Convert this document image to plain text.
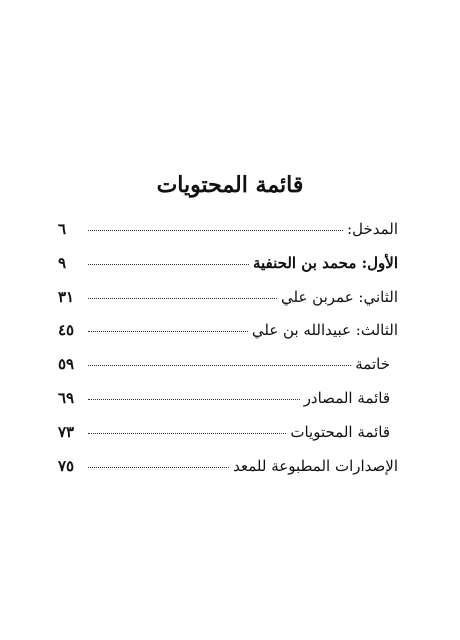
قائمة المحتويات
المدخل:
٦
الأول: محمد بن الحنفية
٩
الثاني: عمربن علي
٣١
الثالث: عبيدالله بن علي
٤٥
خاتمة
٥٩
قائمة المصادر
٦٩
قائمة المحتويات
٧٣
الإصدارات المطبوعة للمعد
٧٥
